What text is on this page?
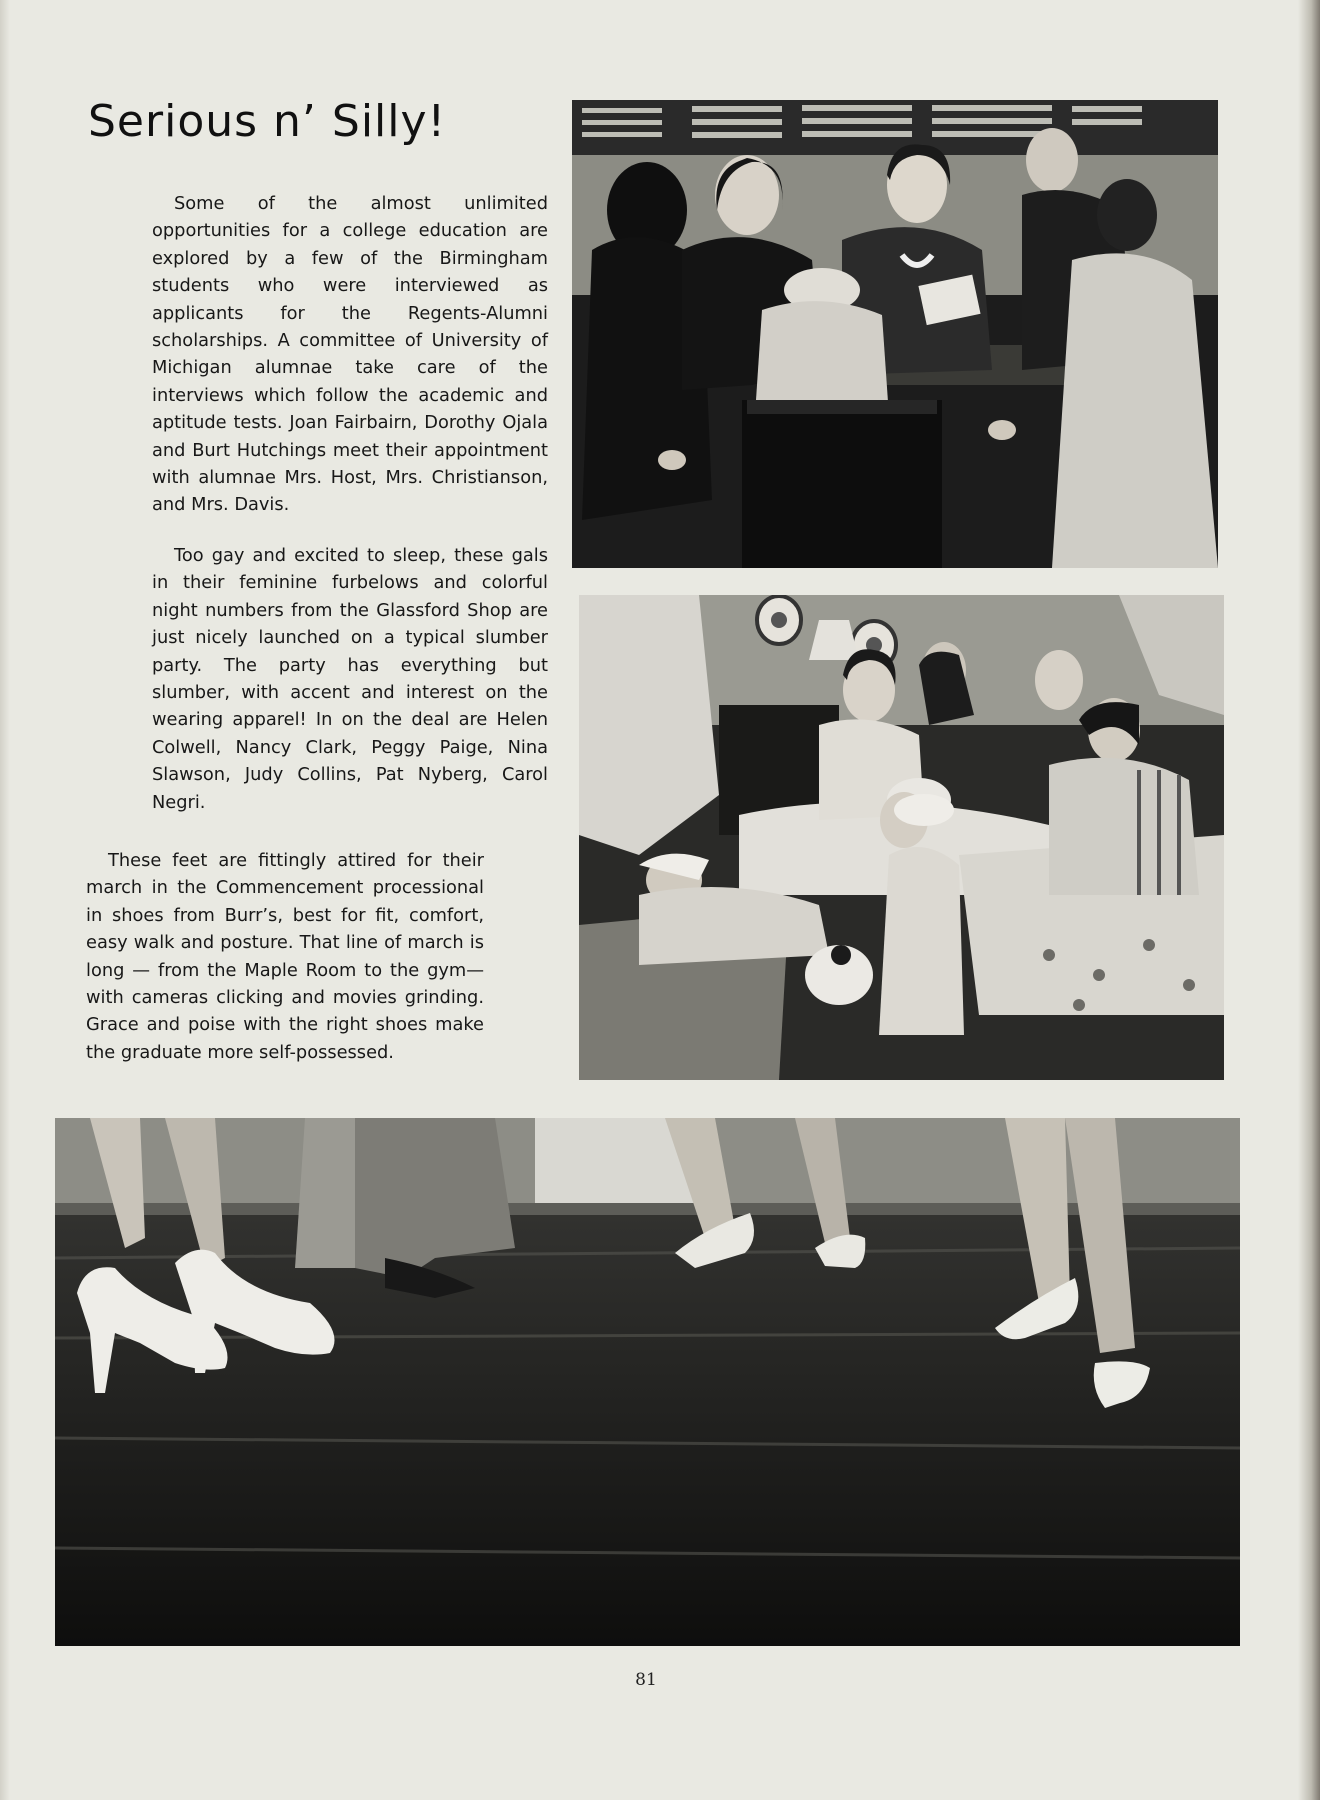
Serious n’ Silly!

Some of the almost unlimited opportunities for a college education are explored by a few of the Birmingham students who were interviewed as applicants for the Regents-Alumni scholarships. A committee of University of Michigan alumnae take care of the interviews which follow the academic and aptitude tests. Joan Fairbairn, Dorothy Ojala and Burt Hutchings meet their appointment with alumnae Mrs. Host, Mrs. Christianson, and Mrs. Davis.

Too gay and excited to sleep, these gals in their feminine furbelows and colorful night numbers from the Glassford Shop are just nicely launched on a typical slumber party. The party has everything but slumber, with accent and interest on the wearing apparel! In on the deal are Helen Colwell, Nancy Clark, Peggy Paige, Nina Slawson, Judy Collins, Pat Nyberg, Carol Negri.

These feet are fittingly attired for their march in the Commencement processional in shoes from Burr’s, best for fit, comfort, easy walk and posture. That line of march is long — from the Maple Room to the gym—with cameras clicking and movies grinding. Grace and poise with the right shoes make the graduate more self-possessed.

81
